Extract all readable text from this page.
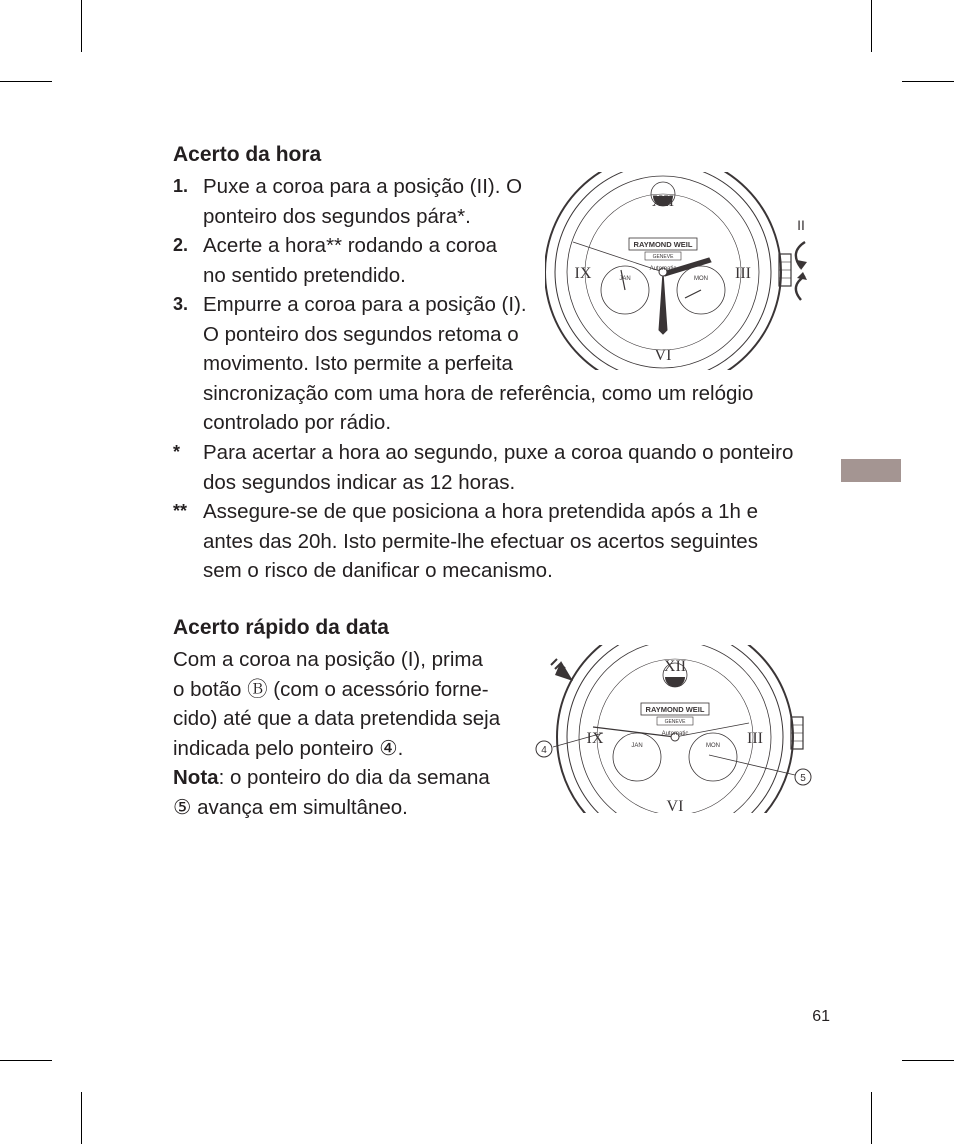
Acerto da hora
1. Puxe a coroa para a posição (II). O
ponteiro dos segundos pára*.
2. Acerte a hora** rodando a coroa
no sentido pretendido.
3. Empurre a coroa para a posição (I).
O ponteiro dos segundos retoma o
movimento. Isto permite a perfeita
sincronização com uma hora de referência, como um relógio
controlado por rádio.
*	Para acertar a hora ao segundo, puxe a coroa quando o ponteiro
dos segundos indicar as 12 horas.
** Assegure-se de que posiciona a hora pretendida após a 1h e
antes das 20h. Isto permite-lhe efectuar os acertos seguintes
sem o risco de danificar o mecanismo.
XII
III
VI
IX
RAYMOND WEIL
GENEVE
Automatic
JAN	MON
II
Acerto rápido da data
Com a coroa na posição (I), prima
o botão Ⓑ (com o acessório forne-
cido) até que a data pretendida seja
indicada pelo ponteiro ④.
Nota: o ponteiro do dia da semana
⑤ avança em simultâneo.
XII
III
VI
IX
RAYMOND WEIL
GENEVE
Automatic
JAN	MON
4
5
61
